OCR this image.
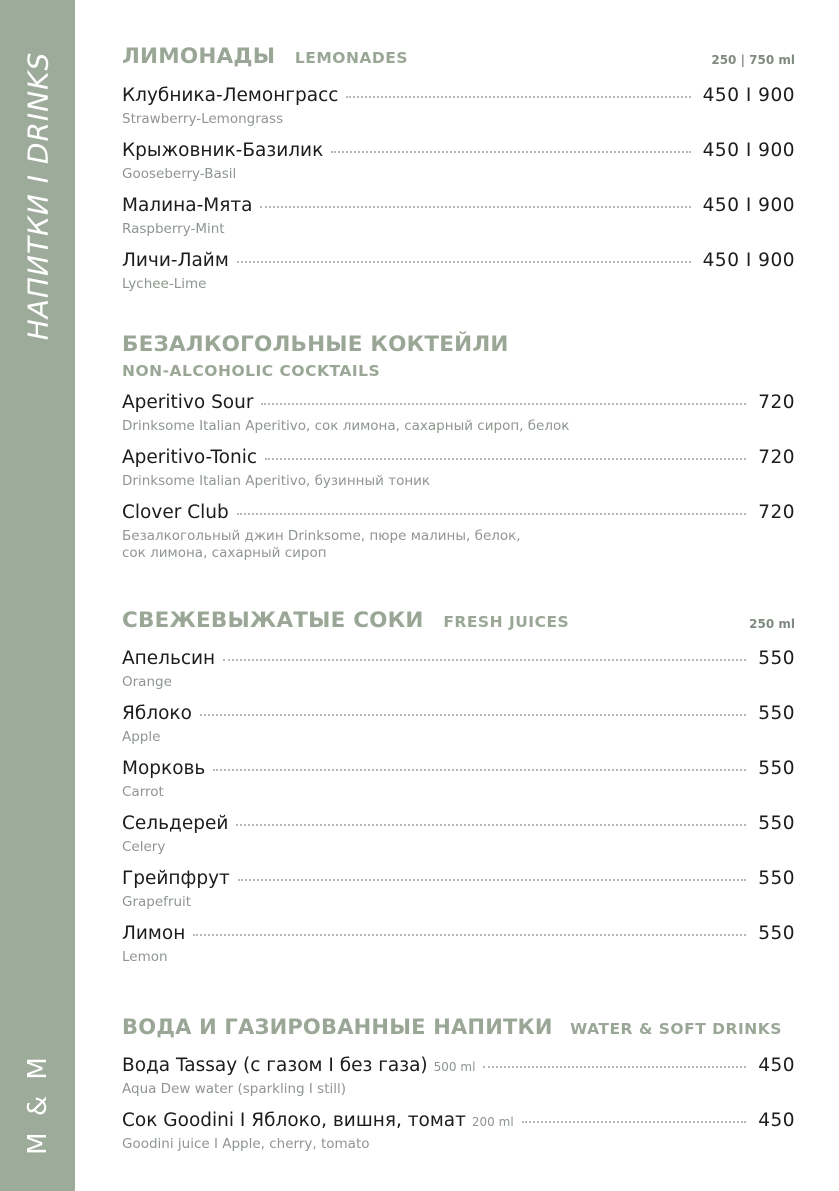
НАПИТКИ I DRINKS
M & M
ЛИМОНАДЫ LEMONADES	250 | 750 ml
Клубника-Лемонграсс	450 I 900
Strawberry-Lemongrass
Крыжовник-Базилик	450 I 900
Gooseberry-Basil
Малина-Мята	450 I 900
Raspberry-Mint
Личи-Лайм	450 I 900
Lychee-Lime
БЕЗАЛКОГОЛЬНЫЕ КОКТЕЙЛИ
NON-ALCOHOLIC COCKTAILS
Aperitivo Sour	720
Drinksome Italian Aperitivo, сок лимона, сахарный сироп, белок
Aperitivo-Tonic	720
Drinksome Italian Aperitivo, бузинный тоник
Clover Club	720
Безалкогольный джин Drinksome, пюре малины, белок,
сок лимона, сахарный сироп
СВЕЖЕВЫЖАТЫЕ СОКИ FRESH JUICES	250 ml
Апельсин	550
Orange
Яблоко	550
Apple
Морковь	550
Carrot
Сельдерей	550
Celery
Грейпфрут	550
Grapefruit
Лимон	550
Lemon
ВОДА И ГАЗИРОВАННЫЕ НАПИТКИ WATER & SOFT DRINKS
Вода Tassay (с газом I без газа) 500 ml	450
Aqua Dew water (sparkling I still)
Сок Goodini I Яблоко, вишня, томат 200 ml	450
Goodini juice I Apple, cherry, tomato
